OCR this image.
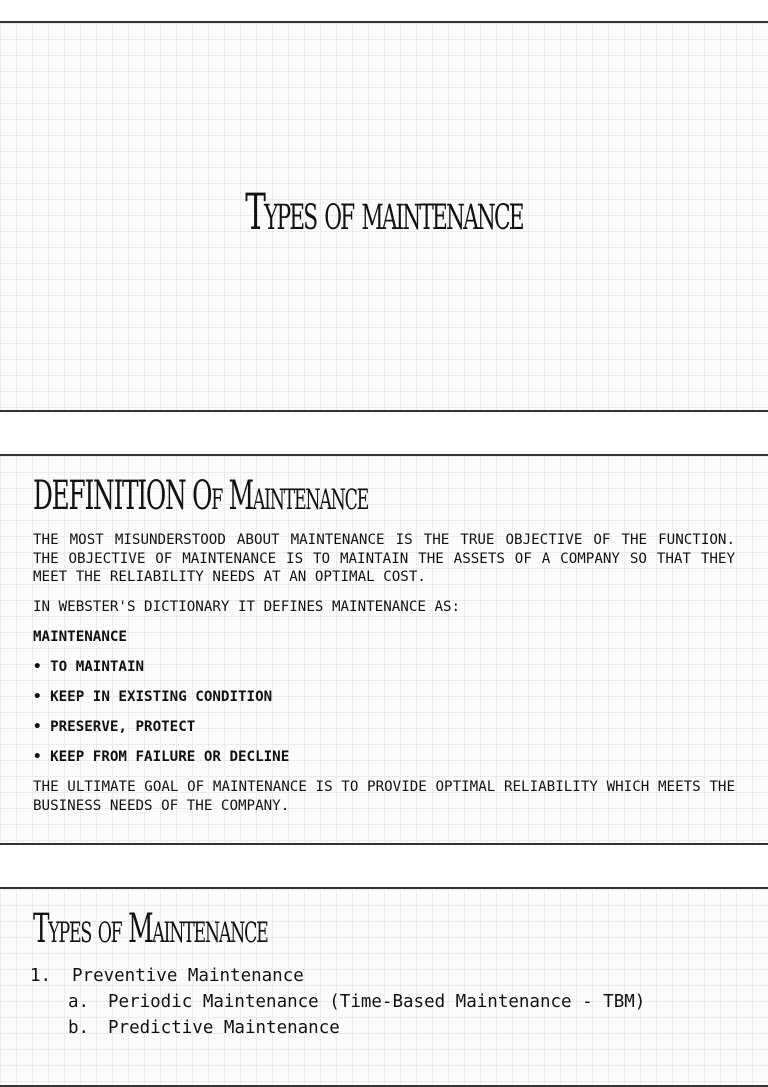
Types of maintenance
DEFINITION Of Maintenance

THE MOST MISUNDERSTOOD ABOUT MAINTENANCE IS THE TRUE OBJECTIVE OF THE FUNCTION. THE OBJECTIVE OF MAINTENANCE IS TO MAINTAIN THE ASSETS OF A COMPANY SO THAT THEY MEET THE RELIABILITY NEEDS AT AN OPTIMAL COST.

IN WEBSTER'S DICTIONARY IT DEFINES MAINTENANCE AS:

MAINTENANCE

• TO MAINTAIN

• KEEP IN EXISTING CONDITION

• PRESERVE, PROTECT

• KEEP FROM FAILURE OR DECLINE

THE ULTIMATE GOAL OF MAINTENANCE IS TO PROVIDE OPTIMAL RELIABILITY WHICH MEETS THE BUSINESS NEEDS OF THE COMPANY.

Types of Maintenance
1.	Preventive Maintenance
a.	Periodic Maintenance (Time-Based Maintenance - TBM)
b.	Predictive Maintenance
